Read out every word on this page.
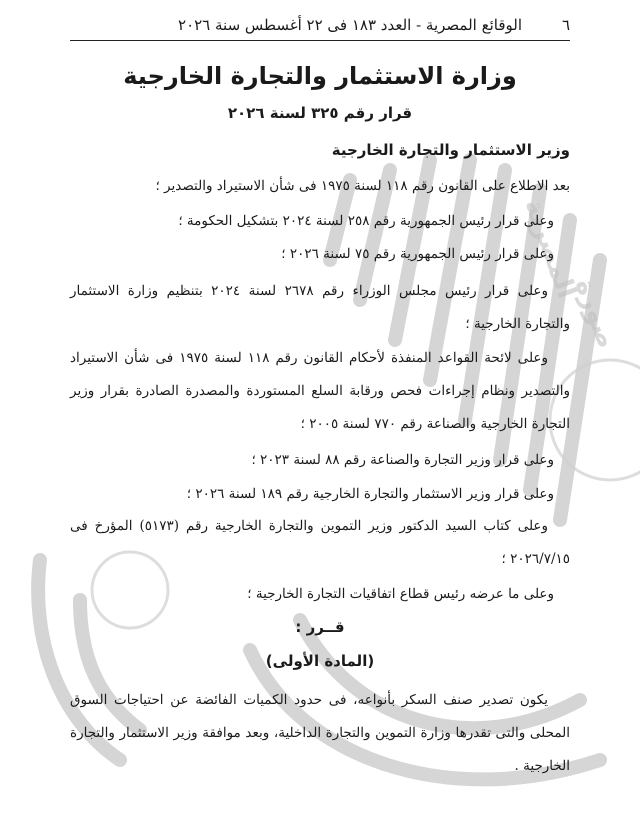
صورة
المصرية
٦
الوقائع المصرية - العدد ١٨٣ فى ٢٢ أغسطس سنة ٢٠٢٦
وزارة الاستثمار والتجارة الخارجية
قرار رقم ٣٢٥ لسنة ٢٠٢٦
وزير الاستثمار والتجارة الخارجية
بعد الاطلاع على القانون رقم ١١٨ لسنة ١٩٧٥ فى شأن الاستيراد والتصدير ؛
وعلى قرار رئيس الجمهورية رقم ٢٥٨ لسنة ٢٠٢٤ بتشكيل الحكومة ؛
وعلى قرار رئيس الجمهورية رقم ٧٥ لسنة ٢٠٢٦ ؛
وعلى قرار رئيس مجلس الوزراء رقم ٢٦٧٨ لسنة ٢٠٢٤ بتنظيم وزارة الاستثمار والتجارة الخارجية ؛
وعلى لائحة القواعد المنفذة لأحكام القانون رقم ١١٨ لسنة ١٩٧٥ فى شأن الاستيراد والتصدير ونظام إجراءات فحص ورقابة السلع المستوردة والمصدرة الصادرة بقرار وزير التجارة الخارجية والصناعة رقم ٧٧٠ لسنة ٢٠٠٥ ؛
وعلى قرار وزير التجارة والصناعة رقم ٨٨ لسنة ٢٠٢٣ ؛
وعلى قرار وزير الاستثمار والتجارة الخارجية رقم ١٨٩ لسنة ٢٠٢٦ ؛
وعلى كتاب السيد الدكتور وزير التموين والتجارة الخارجية رقم (٥١٧٣) المؤرخ فى ٢٠٢٦/٧/١٥ ؛
وعلى ما عرضه رئيس قطاع اتفاقيات التجارة الخارجية ؛
قــرر :
(المادة الأولى)
يكون تصدير صنف السكر بأنواعه، فى حدود الكميات الفائضة عن احتياجات السوق المحلى والتى تقدرها وزارة التموين والتجارة الداخلية، وبعد موافقة وزير الاستثمار والتجارة الخارجية .
